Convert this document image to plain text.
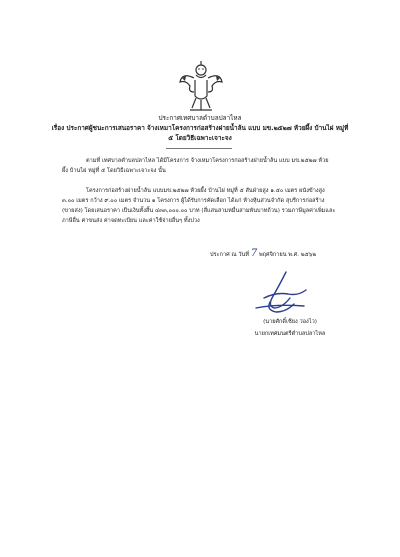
ประกาศเทศบาลตำบลปลาไหล
เรื่อง ประกาศผู้ชนะการเสนอราคา จ้างเหมาโครงการก่อสร้างฝายน้ำล้น แบบ มข.๒๕๒๗ ห้วยผึ้ง บ้านไผ่ หมู่ที่
๕ โดยวิธีเฉพาะเจาะจง

ตามที่ เทศบาลตำบลปลาไหล ได้มีโครงการ จ้างเหมาโครงการก่อสร้างฝายน้ำล้น แบบ มข.๒๕๒๗ ห้วย

ผึ้ง บ้านไผ่ หมู่ที่ ๕ โดยวิธีเฉพาะเจาะจง นั้น

โครงการก่อสร้างฝายน้ำล้น แบบมข.๒๕๒๗ ห้วยผึ้ง บ้านไผ่ หมู่ที่ ๕ สันฝ่ายสูง ๑.๕๐ เมตร ผนังข้างสูง

๓.๐๐ เมตร กว้าง ๙.๐๐ เมตร จำนวน ๑ โครงการ ผู้ได้รับการคัดเลือก ได้แก่ ห้างหุ้นส่วนจำกัด สุบรีการก่อสร้าง

(ขายส่ง) โดยเสนอราคา เป็นเงินทั้งสิ้น ๔๓๓,๐๐๐.๐๐ บาท (สี่แสนสามหมื่นสามพันบาทถ้วน) รวมภาษีมูลค่าเพิ่มและ

ภาษีอื่น ค่าขนส่ง ค่าจดทะเบียน และค่าใช้จ่ายอื่นๆ ทั้งปวง

ประกาศ ณ วันที่ 7 พฤศจิกายน พ.ศ. ๒๕๖๒
(นายศักดิ์เชียง ว่องไว)
นายกเทศมนตรีตำบลปลาไหล
